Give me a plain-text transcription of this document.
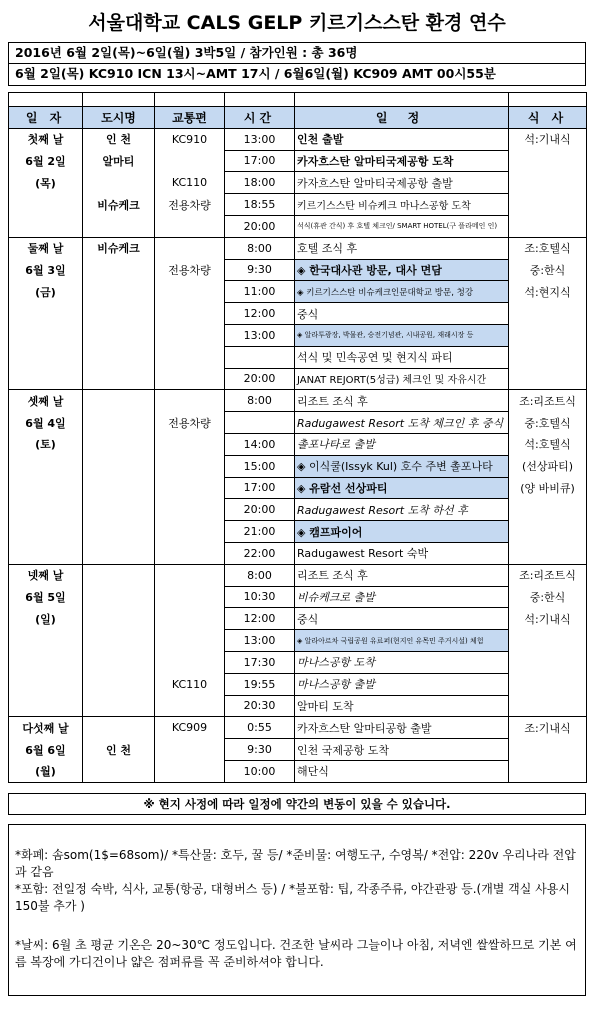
서울대학교 CALS GELP 키르기스스탄 환경 연수
2016년 6월 2일(목)~6일(월) 3박5일 / 참가인원 : 총 36명
6월 2일(목) KC910 ICN 13시~AMT 17시 / 6월6일(월) KC909 AMT 00시55분

일 자	도시명	교통편	시간	일 정	식 사
첫째 날	인 천	KC910	13:00	인천 출발	석:기내식
6월 2일	알마티		17:00	카자흐스탄 알마티국제공항 도착	
(목)		KC110	18:00	카자흐스탄 알마티국제공항 출발	
	비슈케크	전용차량	18:55	키르기스스탄 비슈케크 마나스공항 도착	
			20:00	석식(휴관 간식) 후 호텔 체크인/ SMART HOTEL(구 플라메인 인)	
둘째 날	비슈케크		8:00	호텔 조식 후	조:호텔식
6월 3일		전용차량	9:30	◈ 한국대사관 방문, 대사 면담	중:한식
(금)			11:00	◈ 키르기스스탄 비슈케크인문대학교 방문, 청강	석:현지식
			12:00	중식	
			13:00	◈ 알라투광장, 박물관, 승전기념관, 시내공원, 재래시장 등	
				석식 및 민속공연 및 현지식 파티	
			20:00	JANAT REJORT(5성급) 체크인 및 자유시간	
셋째 날			8:00	리조트 조식 후	조:리조트식
6월 4일		전용차량		Radugawest Resort 도착 체크인 후 중식	중:호텔식
(토)			14:00	촐포나타로 출발	석:호텔식
			15:00	◈ 이식쿨(Issyk Kul) 호수 주변 촐포나타	(선상파티)
			17:00	◈ 유람선 선상파티	(양 바비큐)
			20:00	Radugawest Resort 도착 하선 후	
			21:00	◈ 캠프파이어	
			22:00	Radugawest Resort 숙박	
넷째 날			8:00	리조트 조식 후	조:리조트식
6월 5일			10:30	비슈케크로 출발	중:한식
(일)			12:00	중식	석:기내식
			13:00	◈ 알라아르차 국립공원 유료퍼(현지인 유목민 주거시설) 체험	
			17:30	마나스공항 도착	
		KC110	19:55	마나스공항 출발	
			20:30	알마티 도착	
다섯째 날		KC909	0:55	카자흐스탄 알마티공항 출발	조:기내식
6월 6일	인 천		9:30	인천 국제공항 도착	
(월)			10:00	해단식	
※ 현지 사정에 따라 일정에 약간의 변동이 있을 수 있습니다.

*화폐: 솜som(1$=68som)/ *특산물: 호두, 꿀 등/ *준비물: 여행도구, 수영복/ *전압: 220v 우리나라 전압과 같음

*포함: 전일정 숙박, 식사, 교통(항공, 대형버스 등) / *불포함: 팁, 각종주류, 야간관광 등.(개별 객실 사용시 150불 추가 )

*날씨: 6월 초 평균 기온은 20~30℃ 정도입니다. 건조한 날씨라 그늘이나 아침, 저녁엔 쌀쌀하므로 기본 여름 복장에 가디건이나 얇은 점퍼류를 꼭 준비하셔야 합니다.
